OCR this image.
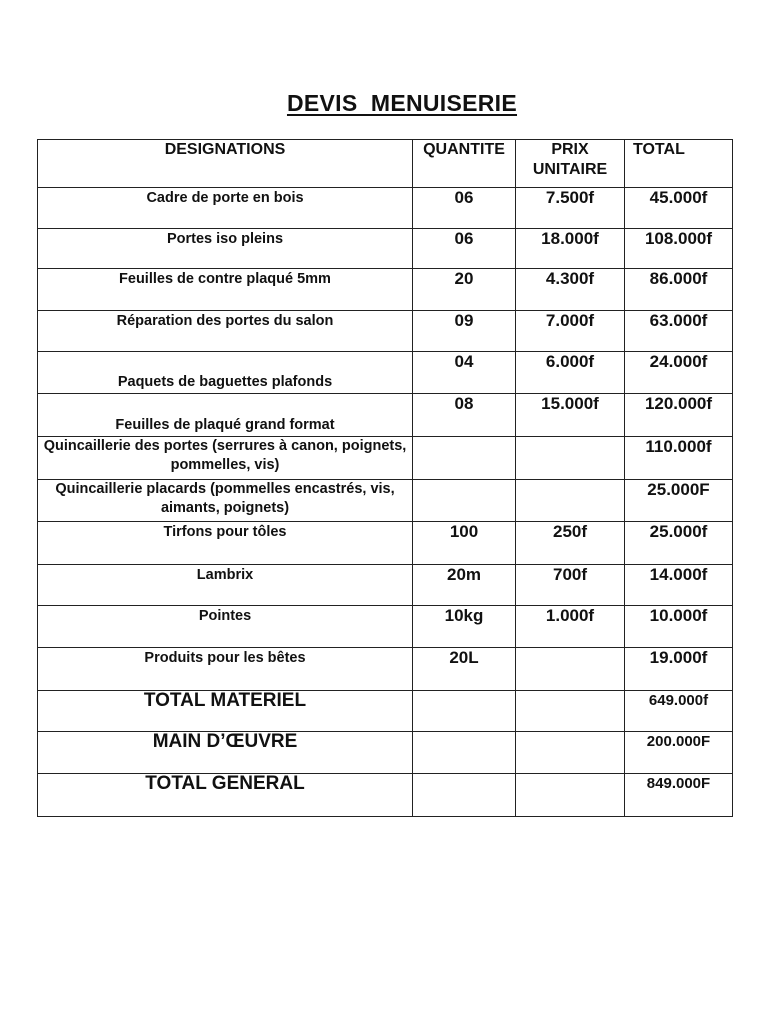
DEVIS  MENUISERIE
DESIGNATIONS	QUANTITE	PRIX UNITAIRE	TOTAL
Cadre de porte en bois	06	7.500f	45.000f
Portes iso pleins	06	18.000f	108.000f
Feuilles de contre plaqué 5mm	20	4.300f	86.000f
Réparation des portes du salon	09	7.000f	63.000f
Paquets de baguettes plafonds	04	6.000f	24.000f
Feuilles de plaqué grand format	08	15.000f	120.000f
Quincaillerie des portes (serrures à canon, poignets, pommelles, vis)			110.000f
Quincaillerie placards (pommelles encastrés, vis, aimants, poignets)			25.000F
Tirfons pour tôles	100	250f	25.000f
Lambrix	20m	700f	14.000f
Pointes	10kg	1.000f	10.000f
Produits pour les bêtes	20L		19.000f
TOTAL MATERIEL			649.000f
MAIN D’ŒUVRE			200.000F
TOTAL GENERAL			849.000F
